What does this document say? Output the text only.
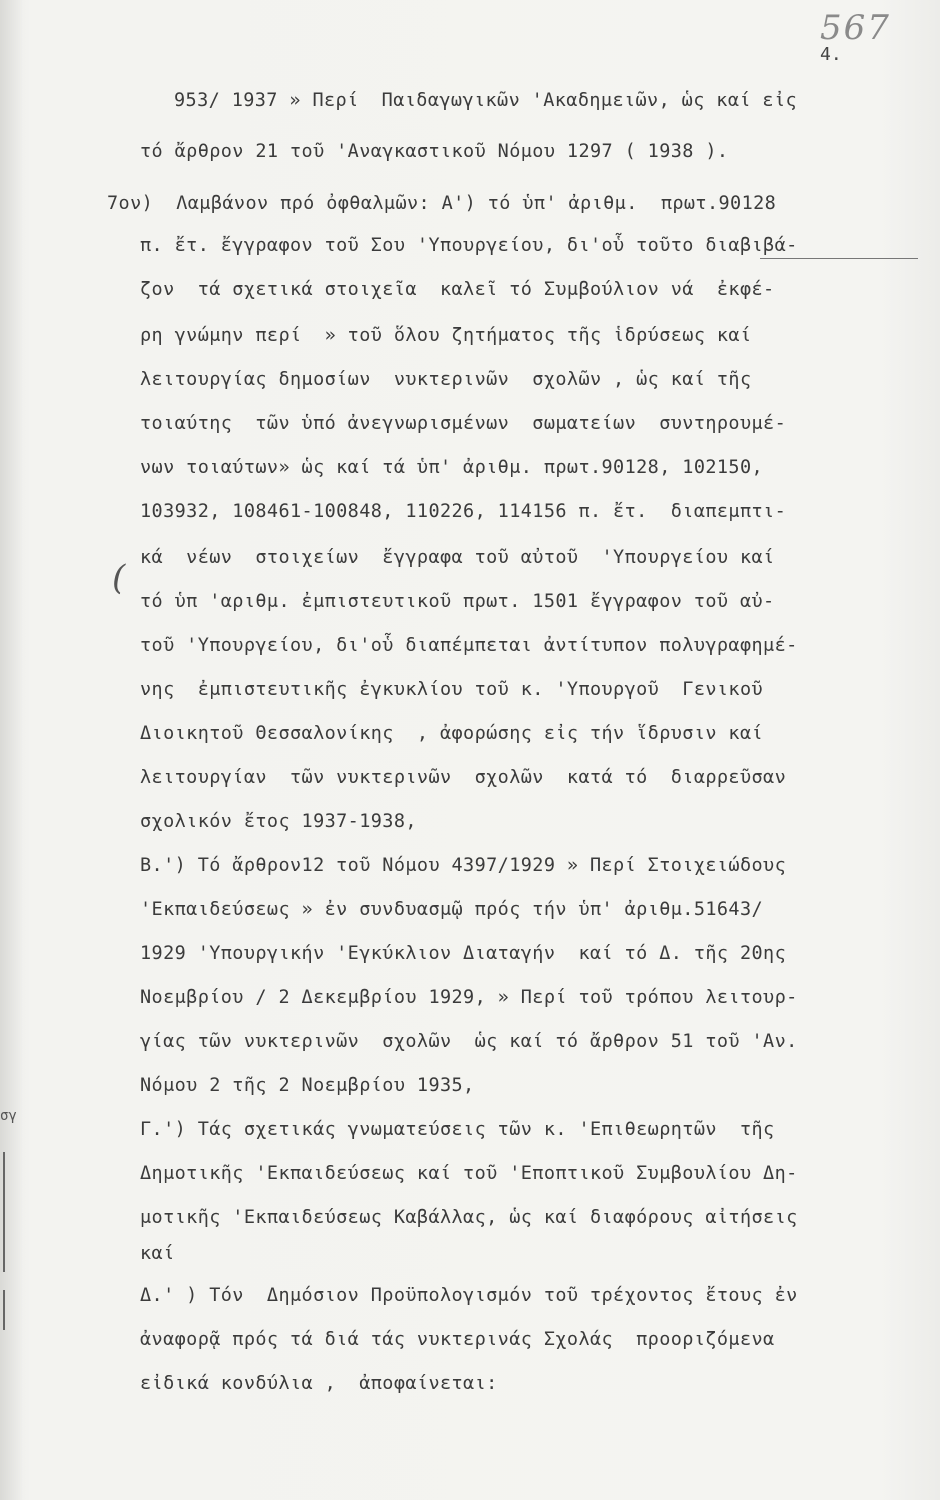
σγ
567
4.
(
953/ 1937 » Περί  Παιδαγωγικῶν 'Ακαδημειῶν, ὡς καί εἰς
τό ἄρθρον 21 τοῦ 'Αναγκαστικοῦ Νόμου 1297 ( 1938 ).
7ον)  Λαμβάνον πρό ὀφθαλμῶν: Α') τό ὑπ' ἀριθμ.  πρωτ.90128
π. ἔτ. ἔγγραφον τοῦ Σου 'Υπουργείου, δι'οὗ τοῦτο διαβιβά-
ζον  τά σχετικά στοιχεῖα  καλεῖ τό Συμβούλιον νά  ἐκφέ-
ρη γνώμην περί  » τοῦ ὅλου ζητήματος τῆς ἱδρύσεως καί
λειτουργίας δημοσίων  νυκτερινῶν  σχολῶν , ὡς καί τῆς
τοιαύτης  τῶν ὑπό ἀνεγνωρισμένων  σωματείων  συντηρουμέ-
νων τοιαύτων» ὡς καί τά ὑπ' ἀριθμ. πρωτ.90128, 102150,
103932, 108461-100848, 110226, 114156 π. ἔτ.  διαπεμπτι-
κά  νέων  στοιχείων  ἔγγραφα τοῦ αὐτοῦ  'Υπουργείου καί
τό ὑπ 'αριθμ. ἐμπιστευτικοῦ πρωτ. 1501 ἔγγραφον τοῦ αὐ-
τοῦ 'Υπουργείου, δι'οὗ διαπέμπεται ἀντίτυπον πολυγραφημέ-
νης  ἐμπιστευτικῆς ἐγκυκλίου τοῦ κ. 'Υπουργοῦ  Γενικοῦ
Διοικητοῦ Θεσσαλονίκης  , ἀφορώσης εἰς τήν ἵδρυσιν καί
λειτουργίαν  τῶν νυκτερινῶν  σχολῶν  κατά τό  διαρρεῦσαν
σχολικόν ἔτος 1937-1938,
Β.') Τό ἄρθρον12 τοῦ Νόμου 4397/1929 » Περί Στοιχειώδους
'Εκπαιδεύσεως » ἐν συνδυασμῷ πρός τήν ὑπ' ἀριθμ.51643/
1929 'Υπουργικήν 'Εγκύκλιον Διαταγήν  καί τό Δ. τῆς 20ης
Νοεμβρίου / 2 Δεκεμβρίου 1929, » Περί τοῦ τρόπου λειτουρ-
γίας τῶν νυκτερινῶν  σχολῶν  ὡς καί τό ἄρθρον 51 τοῦ 'Αν.
Νόμου 2 τῆς 2 Νοεμβρίου 1935,
Γ.') Τάς σχετικάς γνωματεύσεις τῶν κ. 'Επιθεωρητῶν  τῆς
Δημοτικῆς 'Εκπαιδεύσεως καί τοῦ 'Εποπτικοῦ Συμβουλίου Δη-
μοτικῆς 'Εκπαιδεύσεως Καβάλλας, ὡς καί διαφόρους αἰτήσεις
καί
Δ.' ) Τόν  Δημόσιον Προϋπολογισμόν τοῦ τρέχοντος ἔτους ἐν
ἀναφορᾷ πρός τά διά τάς νυκτερινάς Σχολάς  προοριζόμενα
εἰδικά κονδύλια ,  ἀποφαίνεται:
